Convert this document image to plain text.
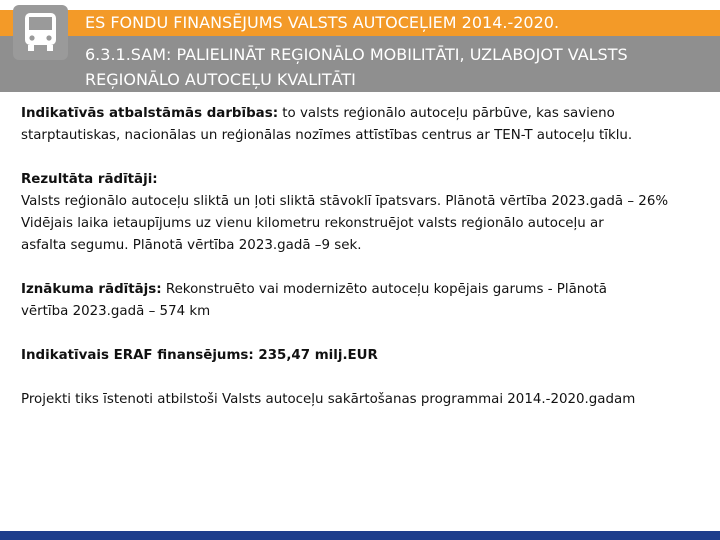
ES FONDU FINANSĒJUMS VALSTS AUTOCEĻIEM 2014.-2020.
6.3.1.SAM: PALIELINĀT REĢIONĀLO MOBILITĀTI, UZLABOJOT VALSTS REĢIONĀLO AUTOCEĻU KVALITĀTI
Indikatīvās atbalstāmās darbības: to valsts reģionālo autoceļu pārbūve, kas savieno
starptautiskas, nacionālas un reģionālas nozīmes attīstības centrus ar TEN-T autoceļu tīklu.
Rezultāta rādītāji:
Valsts reģionālo autoceļu sliktā un ļoti sliktā stāvoklī īpatsvars. Plānotā vērtība 2023.gadā – 26%
Vidējais laika ietaupījums uz vienu kilometru rekonstruējot valsts reģionālo autoceļu ar
asfalta segumu. Plānotā vērtība 2023.gadā –9 sek.
Iznākuma rādītājs: Rekonstruēto vai modernizēto autoceļu kopējais garums - Plānotā
vērtība 2023.gadā – 574 km
Indikatīvais ERAF finansējums: 235,47 milj.EUR
Projekti tiks īstenoti atbilstoši Valsts autoceļu sakārtošanas programmai 2014.-2020.gadam
